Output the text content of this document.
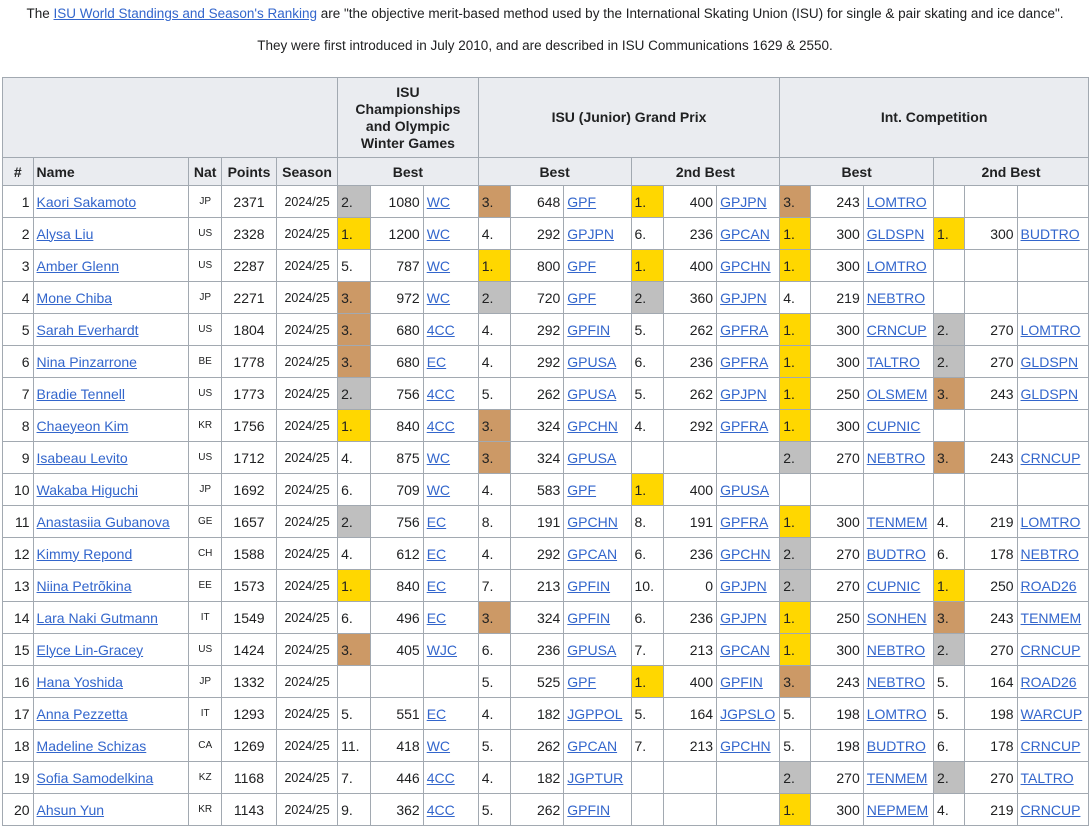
The ISU World Standings and Season's Ranking are "the objective merit-based method used by the International Skating Union (ISU) for single & pair skating and ice dance".
They were first introduced in July 2010, and are described in ISU Communications 1629 & 2550.
					ISU Championships and Olympic Winter Games			ISU (Junior) Grand Prix						Int. Competition					
#	Name	Nat	Points	Season	Best			Best			2nd Best			Best			2nd Best		
1	Kaori Sakamoto	JP	2371	2024/25	2.	1080	WC	3.	648	GPF	1.	400	GPJPN	3.	243	LOMTRO			
2	Alysa Liu	US	2328	2024/25	1.	1200	WC	4.	292	GPJPN	6.	236	GPCAN	1.	300	GLDSPN	1.	300	BUDTRO
3	Amber Glenn	US	2287	2024/25	5.	787	WC	1.	800	GPF	1.	400	GPCHN	1.	300	LOMTRO			
4	Mone Chiba	JP	2271	2024/25	3.	972	WC	2.	720	GPF	2.	360	GPJPN	4.	219	NEBTRO			
5	Sarah Everhardt	US	1804	2024/25	3.	680	4CC	4.	292	GPFIN	5.	262	GPFRA	1.	300	CRNCUP	2.	270	LOMTRO
6	Nina Pinzarrone	BE	1778	2024/25	3.	680	EC	4.	292	GPUSA	6.	236	GPFRA	1.	300	TALTRO	2.	270	GLDSPN
7	Bradie Tennell	US	1773	2024/25	2.	756	4CC	5.	262	GPUSA	5.	262	GPJPN	1.	250	OLSMEM	3.	243	GLDSPN
8	Chaeyeon Kim	KR	1756	2024/25	1.	840	4CC	3.	324	GPCHN	4.	292	GPFRA	1.	300	CUPNIC			
9	Isabeau Levito	US	1712	2024/25	4.	875	WC	3.	324	GPUSA				2.	270	NEBTRO	3.	243	CRNCUP
10	Wakaba Higuchi	JP	1692	2024/25	6.	709	WC	4.	583	GPF	1.	400	GPUSA						
11	Anastasiia Gubanova	GE	1657	2024/25	2.	756	EC	8.	191	GPCHN	8.	191	GPFRA	1.	300	TENMEM	4.	219	LOMTRO
12	Kimmy Repond	CH	1588	2024/25	4.	612	EC	4.	292	GPCAN	6.	236	GPCHN	2.	270	BUDTRO	6.	178	NEBTRO
13	Niina Petrõkina	EE	1573	2024/25	1.	840	EC	7.	213	GPFIN	10.	0	GPJPN	2.	270	CUPNIC	1.	250	ROAD26
14	Lara Naki Gutmann	IT	1549	2024/25	6.	496	EC	3.	324	GPFIN	6.	236	GPJPN	1.	250	SONHEN	3.	243	TENMEM
15	Elyce Lin-Gracey	US	1424	2024/25	3.	405	WJC	6.	236	GPUSA	7.	213	GPCAN	1.	300	NEBTRO	2.	270	CRNCUP
16	Hana Yoshida	JP	1332	2024/25				5.	525	GPF	1.	400	GPFIN	3.	243	NEBTRO	5.	164	ROAD26
17	Anna Pezzetta	IT	1293	2024/25	5.	551	EC	4.	182	JGPPOL	5.	164	JGPSLO	5.	198	LOMTRO	5.	198	WARCUP
18	Madeline Schizas	CA	1269	2024/25	11.	418	WC	5.	262	GPCAN	7.	213	GPCHN	5.	198	BUDTRO	6.	178	CRNCUP
19	Sofia Samodelkina	KZ	1168	2024/25	7.	446	4CC	4.	182	JGPTUR				2.	270	TENMEM	2.	270	TALTRO
20	Ahsun Yun	KR	1143	2024/25	9.	362	4CC	5.	262	GPFIN				1.	300	NEPMEM	4.	219	CRNCUP
